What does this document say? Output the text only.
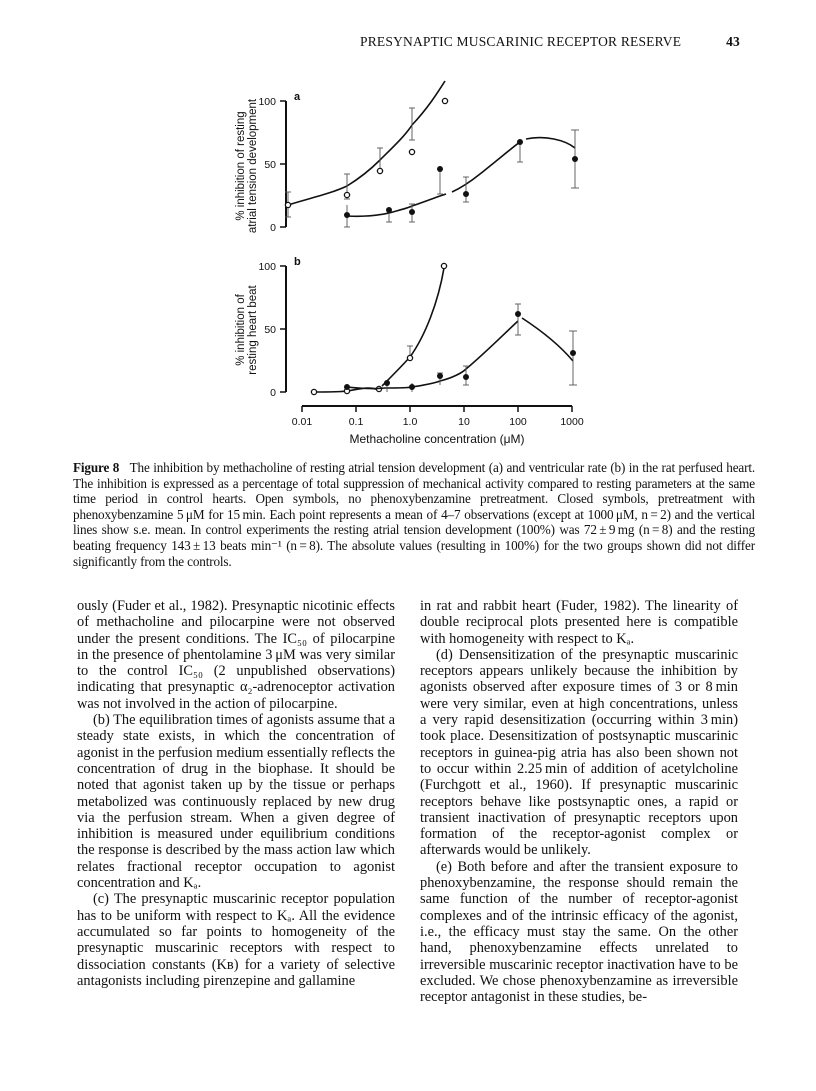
PRESYNAPTIC MUSCARINIC RECEPTOR RESERVE	43
a
% inhibition of resting atrial tension development 0
50
100
b
% inhibition of resting heart beat
0
50
100
0.01	0.1	1.0	10	100	1000
Methacholine concentration (μM)
Figure 8 The inhibition by methacholine of resting atrial tension development (a) and ventricular rate (b) in the rat perfused heart. The inhibition is expressed as a percentage of total suppression of mechanical activity compared to resting parameters at the same time period in control hearts. Open symbols, no phenoxybenzamine pretreatment. Closed symbols, pretreatment with phenoxybenzamine 5 μM for 15 min. Each point represents a mean of 4–7 observations (except at 1000 μM, n = 2) and the vertical lines show s.e. mean. In control experiments the resting atrial tension development (100%) was 72 ± 9 mg (n = 8) and the resting beating frequency 143 ± 13 beats min⁻¹ (n = 8). The absolute values (resulting in 100%) for the two groups shown did not differ significantly from the controls.

ously (Fuder et al., 1982). Presynaptic nicotinic effects of methacholine and pilocarpine were not observed under the present conditions. The IC₅₀ of pilocarpine in the presence of phentolamine 3 μM was very similar to the control IC₅₀ (2 unpublished observations) indicating that presynaptic α₂-adrenoceptor activation was not involved in the action of pilocarpine.

(b) The equilibration times of agonists assume that a steady state exists, in which the concentration of agonist in the perfusion medium essentially reflects the concentration of drug in the biophase. It should be noted that agonist taken up by the tissue or perhaps metabolized was continuously replaced by new drug via the perfusion stream. When a given degree of inhibition is measured under equilibrium conditions the response is described by the mass action law which relates fractional receptor occupation to agonist concentration and Kₐ.

(c) The presynaptic muscarinic receptor population has to be uniform with respect to Kₐ. All the evidence accumulated so far points to homogeneity of the presynaptic muscarinic receptors with respect to dissociation constants (Kʙ) for a variety of selective antagonists including pirenzepine and gallamine

in rat and rabbit heart (Fuder, 1982). The linearity of double reciprocal plots presented here is compatible with homogeneity with respect to Kₐ.

(d) Densensitization of the presynaptic muscarinic receptors appears unlikely because the inhibition by agonists observed after exposure times of 3 or 8 min were very similar, even at high concentrations, unless a very rapid desensitization (occurring within 3 min) took place. Desensitization of postsynaptic muscarinic receptors in guinea-pig atria has also been shown not to occur within 2.25 min of addition of acetylcholine (Furchgott et al., 1960). If presynaptic muscarinic receptors behave like postsynaptic ones, a rapid or transient inactivation of presynaptic receptors upon formation of the receptor-agonist complex or afterwards would be unlikely.

(e) Both before and after the transient exposure to phenoxybenzamine, the response should remain the same function of the number of receptor-agonist complexes and of the intrinsic efficacy of the agonist, i.e., the efficacy must stay the same. On the other hand, phenoxybenzamine effects unrelated to irreversible muscarinic receptor inactivation have to be excluded. We chose phenoxybenzamine as irreversible receptor antagonist in these studies, be-
